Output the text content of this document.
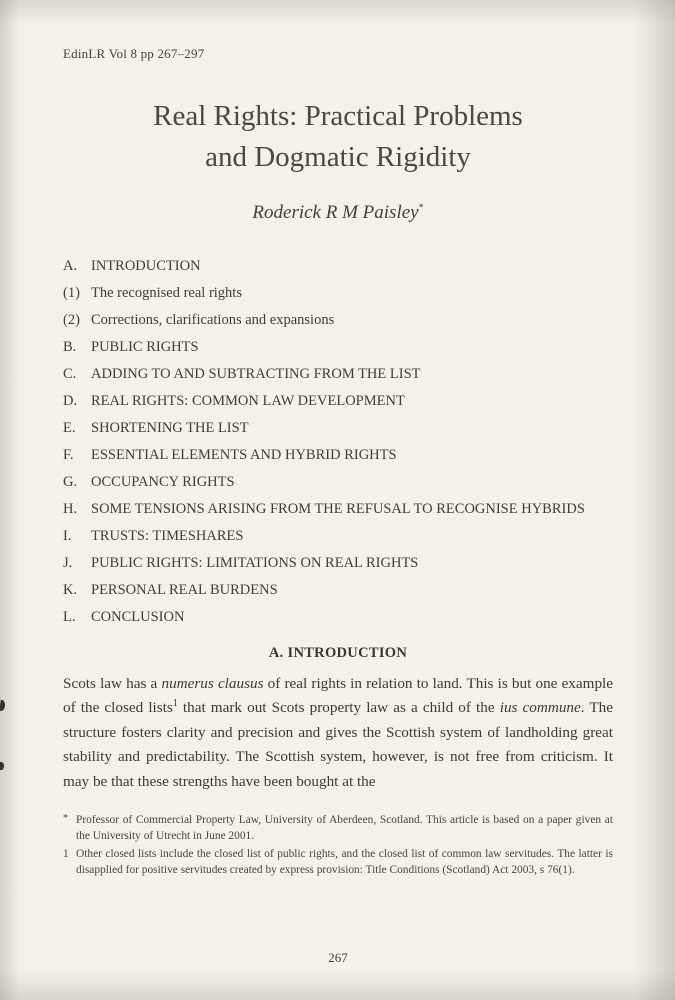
EdinLR Vol 8 pp 267–297
Real Rights: Practical Problems
and Dogmatic Rigidity
Roderick R M Paisley*
A. INTRODUCTION
(1) The recognised real rights
(2) Corrections, clarifications and expansions
B.	PUBLIC RIGHTS
C.	ADDING TO AND SUBTRACTING FROM THE LIST
D. REAL RIGHTS: COMMON LAW DEVELOPMENT
E.	SHORTENING THE LIST
F.	ESSENTIAL ELEMENTS AND HYBRID RIGHTS
G. OCCUPANCY RIGHTS
H. SOME TENSIONS ARISING FROM THE REFUSAL TO RECOGNISE HYBRIDS
I.	TRUSTS: TIMESHARES
J.	PUBLIC RIGHTS: LIMITATIONS ON REAL RIGHTS
K. PERSONAL REAL BURDENS
L.	CONCLUSION
A. INTRODUCTION
Scots law has a numerus clausus of real rights in relation to land. This is but one example of the closed lists$^1$ that mark out Scots property law as a child of the ius commune. The structure fosters clarity and precision and gives the Scottish system of landholding great stability and predictability. The Scottish system, however, is not free from criticism. It may be that these strengths have been bought at the
* Professor of Commercial Property Law, University of Aberdeen, Scotland. This article is based on a paper given at the University of Utrecht in June 2001.
1 Other closed lists include the closed list of public rights, and the closed list of common law servitudes. The latter is disapplied for positive servitudes created by express provision: Title Conditions (Scotland) Act 2003, s 76(1).
267
